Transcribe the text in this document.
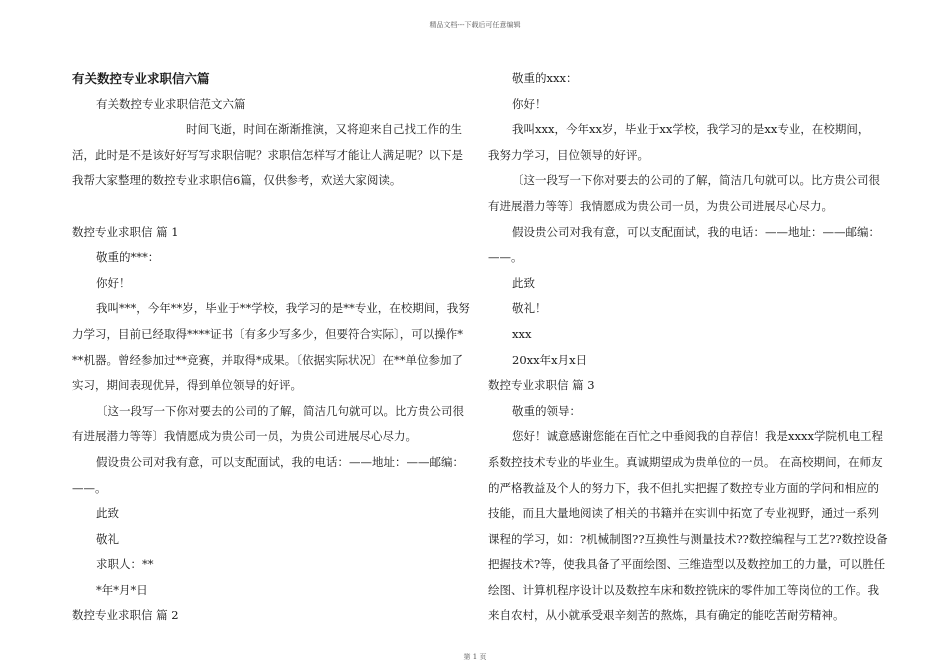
精品文档---下载后可任意编辑
有关数控专业求职信六篇
有关数控专业求职信范文六篇
时间飞逝，时间在渐渐推演，又将迎来自己找工作的生
活，此时是不是该好好写写求职信呢？求职信怎样写才能让人满足呢？以下是
我帮大家整理的数控专业求职信6篇，仅供参考，欢送大家阅读。
数控专业求职信 篇 1
敬重的***：
你好！
我叫***，今年**岁，毕业于**学校，我学习的是**专业，在校期间，我努
力学习，目前已经取得****证书〔有多少写多少，但要符合实际〕，可以操作*
**机器。曾经参加过**竞赛，并取得*成果。〔依据实际状况〕在**单位参加了
实习，期间表现优异，得到单位领导的好评。
〔这一段写一下你对要去的公司的了解，简洁几句就可以。比方贵公司很
有进展潜力等等〕我情愿成为贵公司一员，为贵公司进展尽心尽力。
假设贵公司对我有意，可以支配面试，我的电话：——地址：——邮编：
——。
此致
敬礼
求职人：**
*年*月*日
数控专业求职信 篇 2
敬重的xxx：
你好！
我叫xxx，今年xx岁，毕业于xx学校，我学习的是xx专业，在校期间，
我努力学习，目位领导的好评。
〔这一段写一下你对要去的公司的了解，简洁几句就可以。比方贵公司很
有进展潜力等等〕我情愿成为贵公司一员，为贵公司进展尽心尽力。
假设贵公司对我有意，可以支配面试，我的电话：——地址：——邮编：
——。
此致
敬礼！
xxx
20xx年x月x日
数控专业求职信 篇 3
敬重的领导：
您好！诚意感谢您能在百忙之中垂阅我的自荐信！我是xxxx学院机电工程
系数控技术专业的毕业生。真诚期望成为贵单位的一员。 在高校期间，在师友
的严格教益及个人的努力下，我不但扎实把握了数控专业方面的学问和相应的
技能，而且大量地阅读了相关的书籍并在实训中拓宽了专业视野，通过一系列
课程的学习，如：?机械制图??互换性与测量技术??数控编程与工艺??数控设备
把握技术?等，使我具备了平面绘图、三维造型以及数控加工的力量，可以胜任
绘图、计算机程序设计以及数控车床和数控铣床的零件加工等岗位的工作。我
来自农村，从小就承受艰辛刻苦的熬炼，具有确定的能吃苦耐劳精神。
第 1 页
